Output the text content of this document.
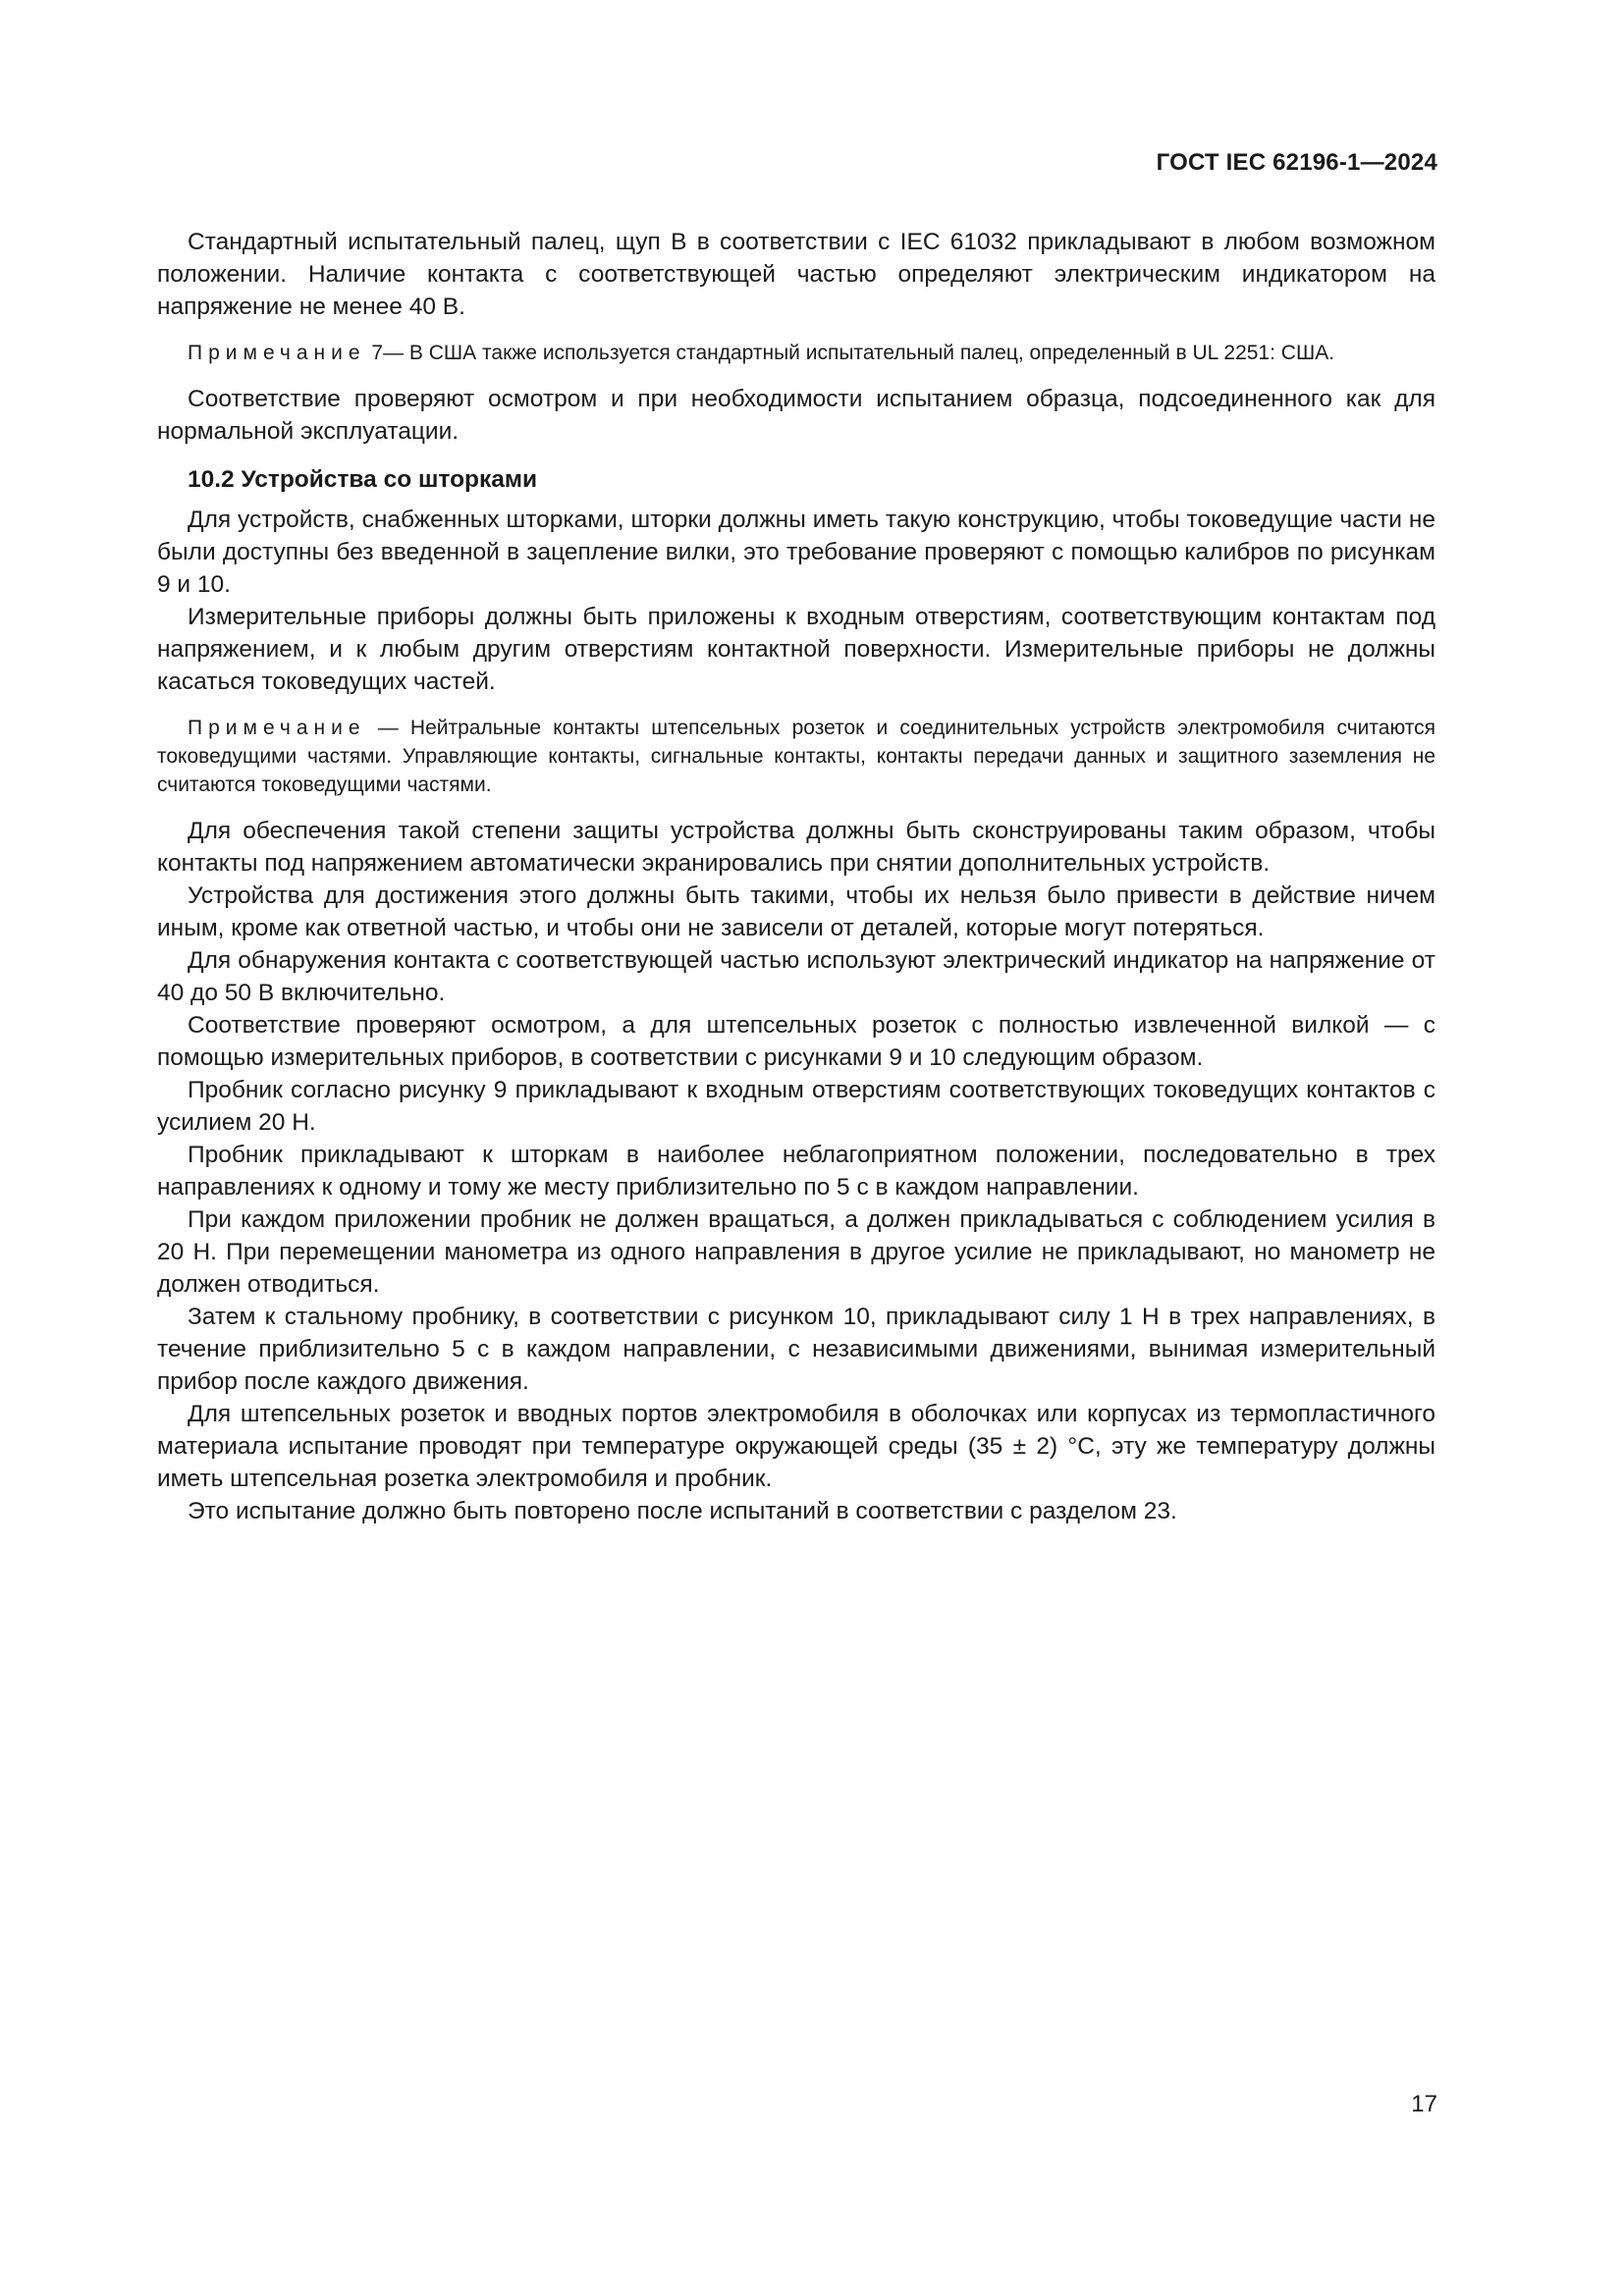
ГОСТ IEC 62196-1—2024

Стандартный испытательный палец, щуп В в соответствии с IEC 61032 прикладывают в любом возможном положении. Наличие контакта с соответствующей частью определяют электрическим индикатором на напряжение не менее 40 В.

Примечание 7— В США также используется стандартный испытательный палец, определенный в UL 2251: США.

Соответствие проверяют осмотром и при необходимости испытанием образца, подсоединенного как для нормальной эксплуатации.

10.2 Устройства со шторками

Для устройств, снабженных шторками, шторки должны иметь такую конструкцию, чтобы токоведущие части не были доступны без введенной в зацепление вилки, это требование проверяют с помощью калибров по рисункам 9 и 10.

Измерительные приборы должны быть приложены к входным отверстиям, соответствующим контактам под напряжением, и к любым другим отверстиям контактной поверхности. Измерительные приборы не должны касаться токоведущих частей.

Примечание — Нейтральные контакты штепсельных розеток и соединительных устройств электромобиля считаются токоведущими частями. Управляющие контакты, сигнальные контакты, контакты передачи данных и защитного заземления не считаются токоведущими частями.

Для обеспечения такой степени защиты устройства должны быть сконструированы таким образом, чтобы контакты под напряжением автоматически экранировались при снятии дополнительных устройств.

Устройства для достижения этого должны быть такими, чтобы их нельзя было привести в действие ничем иным, кроме как ответной частью, и чтобы они не зависели от деталей, которые могут потеряться.

Для обнаружения контакта с соответствующей частью используют электрический индикатор на напряжение от 40 до 50 В включительно.

Соответствие проверяют осмотром, а для штепсельных розеток с полностью извлеченной вилкой — с помощью измерительных приборов, в соответствии с рисунками 9 и 10 следующим образом.

Пробник согласно рисунку 9 прикладывают к входным отверстиям соответствующих токоведущих контактов с усилием 20 Н.

Пробник прикладывают к шторкам в наиболее неблагоприятном положении, последовательно в трех направлениях к одному и тому же месту приблизительно по 5 с в каждом направлении.

При каждом приложении пробник не должен вращаться, а должен прикладываться с соблюдением усилия в 20 Н. При перемещении манометра из одного направления в другое усилие не прикладывают, но манометр не должен отводиться.

Затем к стальному пробнику, в соответствии с рисунком 10, прикладывают силу 1 Н в трех направлениях, в течение приблизительно 5 с в каждом направлении, с независимыми движениями, вынимая измерительный прибор после каждого движения.

Для штепсельных розеток и вводных портов электромобиля в оболочках или корпусах из термопластичного материала испытание проводят при температуре окружающей среды (35 ± 2) °С, эту же температуру должны иметь штепсельная розетка электромобиля и пробник.

Это испытание должно быть повторено после испытаний в соответствии с разделом 23.

17
